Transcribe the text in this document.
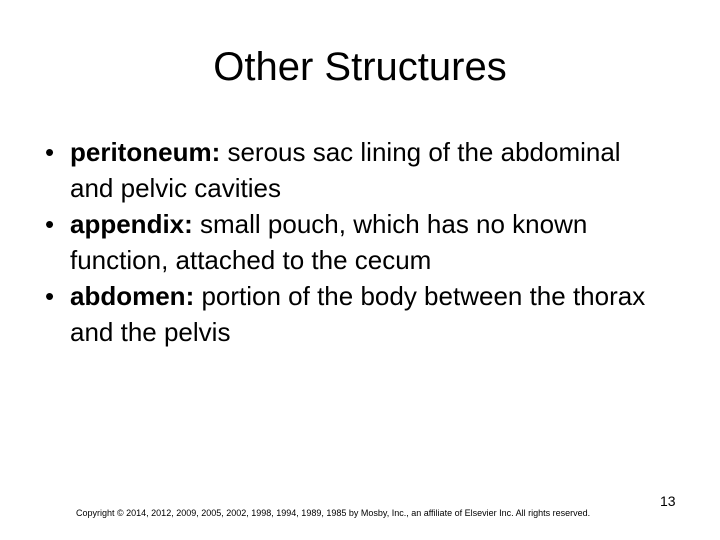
Other Structures
• peritoneum: serous sac lining of the abdominal and pelvic cavities
• appendix: small pouch, which has no known function, attached to the cecum
• abdomen: portion of the body between the thorax and the pelvis
Copyright © 2014, 2012, 2009, 2005, 2002, 1998, 1994, 1989, 1985 by Mosby, Inc., an affiliate of Elsevier Inc. All rights reserved.
13
